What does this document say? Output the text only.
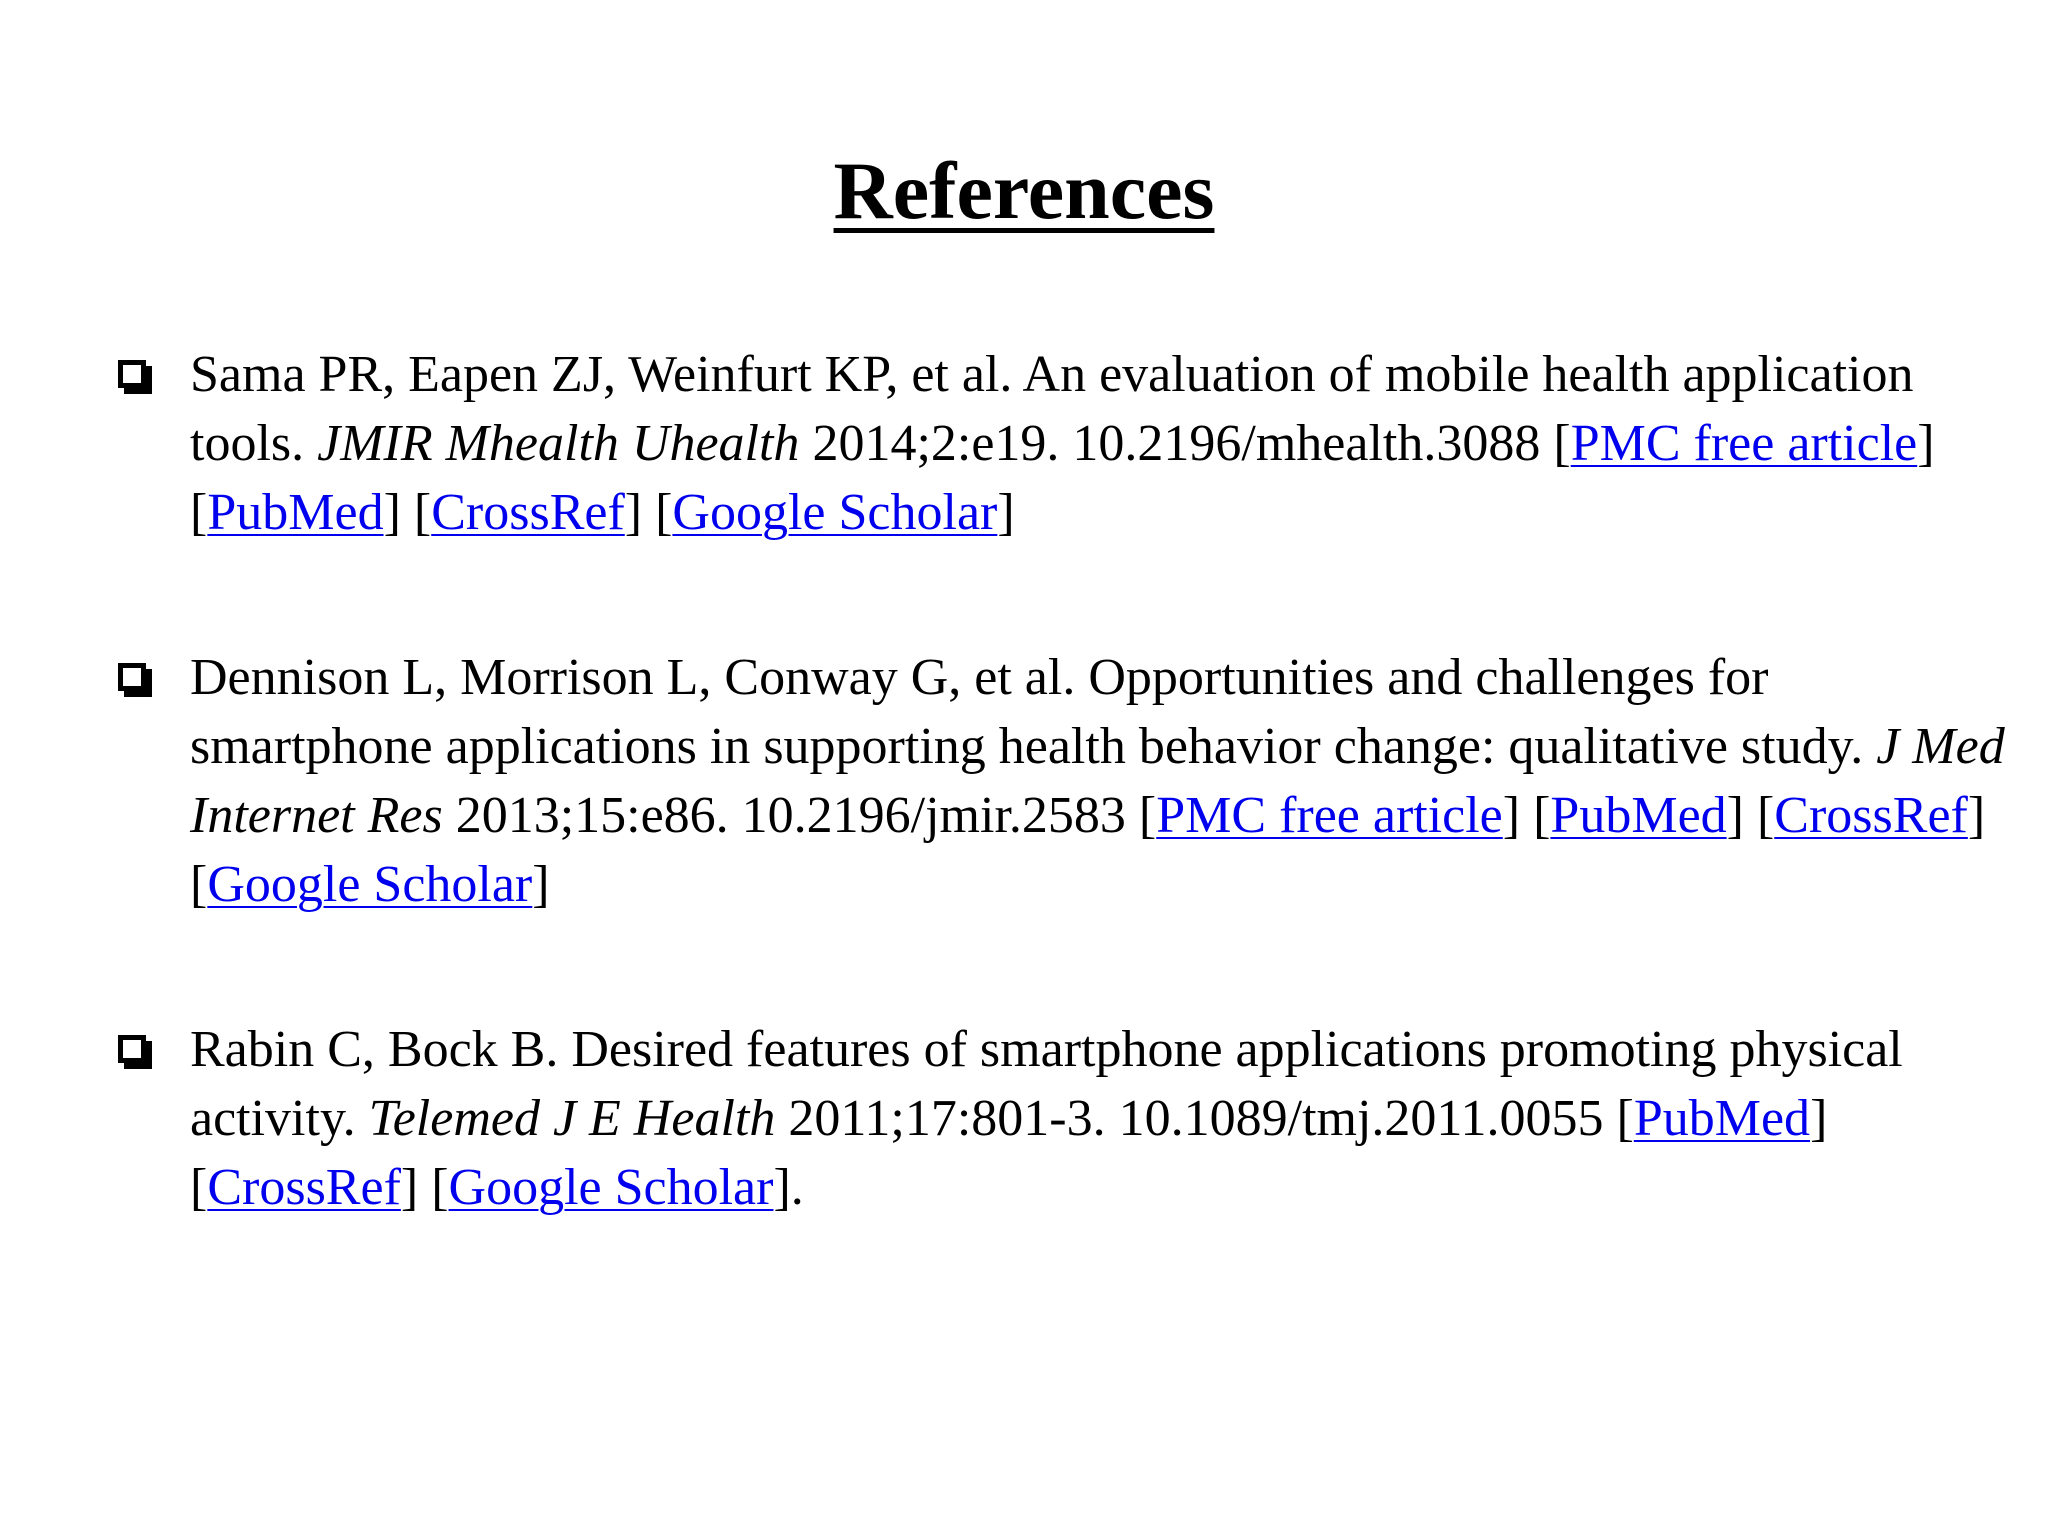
References
Sama PR, Eapen ZJ, Weinfurt KP, et al. An evaluation of mobile health application tools. JMIR Mhealth Uhealth 2014;2:e19. 10.2196/mhealth.3088 [PMC free article] [PubMed] [CrossRef] [Google Scholar]
Dennison L, Morrison L, Conway G, et al. Opportunities and challenges for smartphone applications in supporting health behavior change: qualitative study. J Med Internet Res 2013;15:e86. 10.2196/jmir.2583 [PMC free article] [PubMed] [CrossRef] [Google Scholar]
Rabin C, Bock B. Desired features of smartphone applications promoting physical activity. Telemed J E Health 2011;17:801-3. 10.1089/tmj.2011.0055 [PubMed] [CrossRef] [Google Scholar].
